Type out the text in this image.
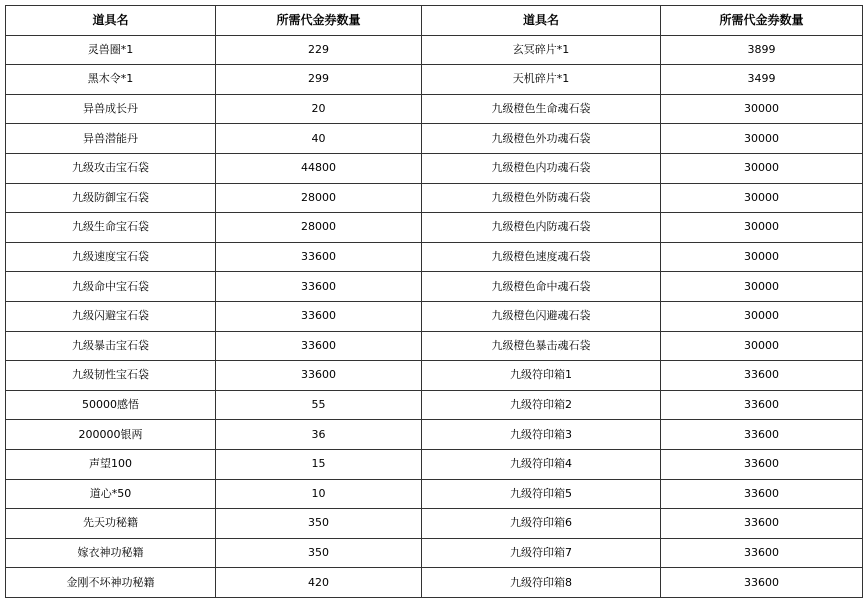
道具名	所需代金券数量	道具名	所需代金券数量
灵兽圈*1	229	玄冥碎片*1	3899
黑木令*1	299	天机碎片*1	3499
异兽成长丹	20	九级橙色生命魂石袋	30000
异兽潜能丹	40	九级橙色外功魂石袋	30000
九级攻击宝石袋	44800	九级橙色内功魂石袋	30000
九级防御宝石袋	28000	九级橙色外防魂石袋	30000
九级生命宝石袋	28000	九级橙色内防魂石袋	30000
九级速度宝石袋	33600	九级橙色速度魂石袋	30000
九级命中宝石袋	33600	九级橙色命中魂石袋	30000
九级闪避宝石袋	33600	九级橙色闪避魂石袋	30000
九级暴击宝石袋	33600	九级橙色暴击魂石袋	30000
九级韧性宝石袋	33600	九级符印箱1	33600
50000感悟	55	九级符印箱2	33600
200000银两	36	九级符印箱3	33600
声望100	15	九级符印箱4	33600
道心*50	10	九级符印箱5	33600
先天功秘籍	350	九级符印箱6	33600
嫁衣神功秘籍	350	九级符印箱7	33600
金刚不坏神功秘籍	420	九级符印箱8	33600
